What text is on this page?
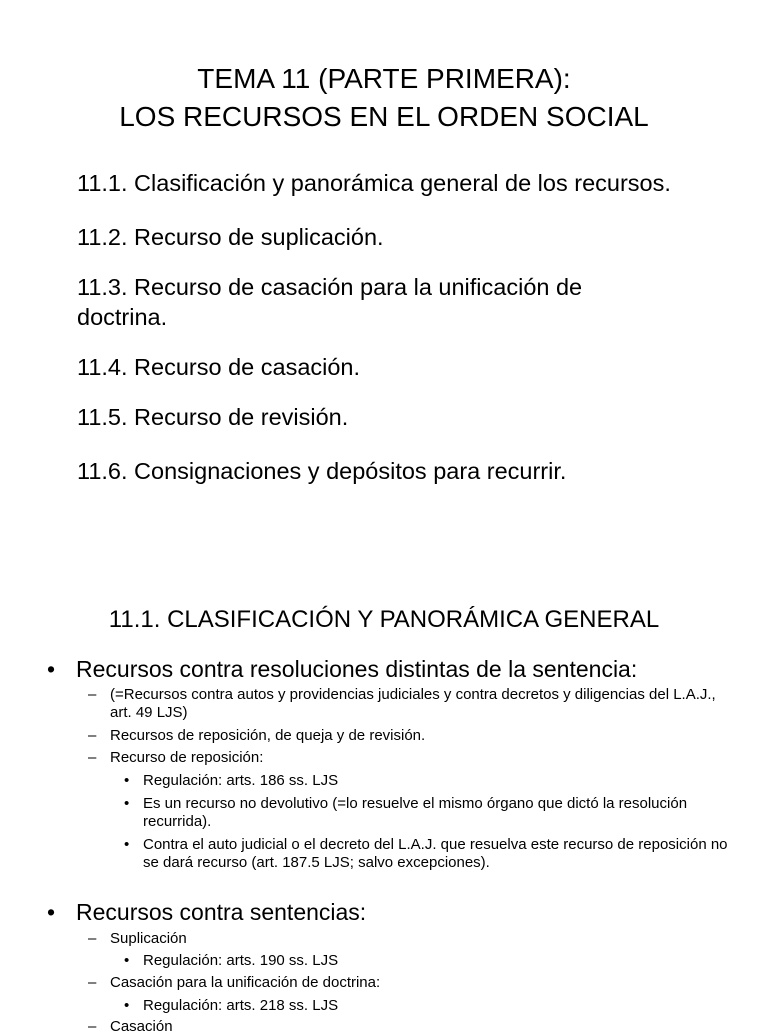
TEMA 11 (PARTE PRIMERA):
LOS RECURSOS EN EL ORDEN SOCIAL

11.1. Clasificación y panorámica general de los recursos.

11.2. Recurso de suplicación.

11.3. Recurso de casación para la unificación de doctrina.

11.4. Recurso de casación.

11.5. Recurso de revisión.

11.6. Consignaciones y depósitos para recurrir.

11.1. CLASIFICACIÓN Y PANORÁMICA GENERAL
• Recursos contra resoluciones distintas de la sentencia:
– (=Recursos contra autos y providencias judiciales y contra decretos y diligencias del L.A.J., art. 49 LJS)
– Recursos de reposición, de queja y de revisión.
– Recurso de reposición:
• Regulación: arts. 186 ss. LJS
• Es un recurso no devolutivo (=lo resuelve el mismo órgano que dictó la resolución recurrida).
• Contra el auto judicial o el decreto del L.A.J. que resuelva este recurso de reposición no se dará recurso (art. 187.5 LJS; salvo excepciones).
• Recursos contra sentencias:
– Suplicación
• Regulación: arts. 190 ss. LJS
– Casación para la unificación de doctrina:
• Regulación: arts. 218 ss. LJS
– Casación
